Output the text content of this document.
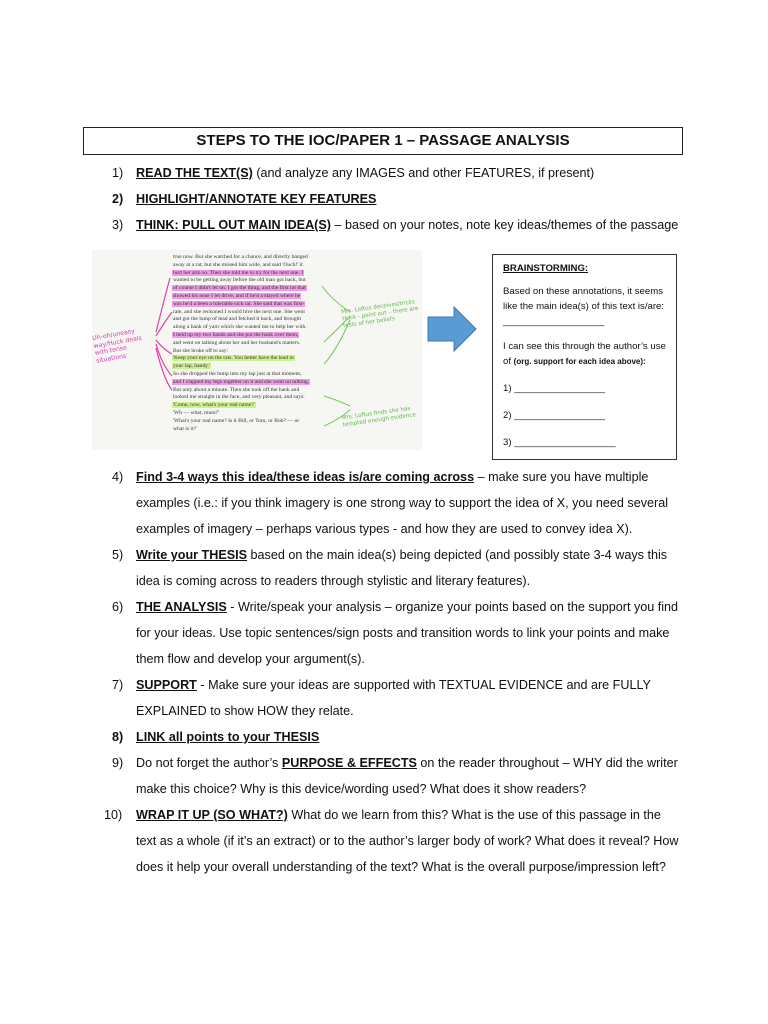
STEPS TO THE IOC/PAPER 1 – PASSAGE ANALYSIS
1)	READ THE TEXT(S) (and analyze any IMAGES and other FEATURES, if present)
2)	HIGHLIGHT/ANNOTATE KEY FEATURES
3)	THINK: PULL OUT MAIN IDEA(S) – based on your notes, note key ideas/themes of the passage
true now. But she watched for a chance, and directly banged
away at a rat; but she missed him wide, and said 'Ouch!' it
hurt her arm so. Then she told me to try for the next one. I
wanted to be getting away before the old man got back, but
of course I didn't let on. I got the thing, and the first rat that
showed his nose I let drive, and if he'd a stayed where he
was he'd a been a tolerable sick rat. She said that was first-
rate, and she reckoned I would hive the next one. She went
and got the lump of lead and fetched it back, and brought
along a hank of yarn which she wanted me to help her with.
I held up my two hands and she put the hank over them,
and went on talking about her and her husband's matters.
But she broke off to say:
'Keep your eye on the rats. You better have the lead in
your lap, handy.'
So she dropped the lump into my lap just at that moment,
and I clapped my legs together on it and she went on talking.
But only about a minute. Then she took off the hank and
looked me straight in the face, and very pleasant, and says:
'Come, now, what's your real name?'
'Wh — what, mum?'
'What's your real name? Is it Bill, or Tom, or Bob? — or
what is it?'
Uh-oh/uneasy way/Huck deals with tense situations
Mrs. Loftus deceives/tricks Huck - point out – there are tests of her beliefs
Mrs. Loftus finds she has tempted enough evidence
BRAINSTORMING:
Based on these annotations, it seems like the main idea(s) of this text is/are: ___________________
I can see this through the author’s use of (org. support for each idea above):
1) _________________
2) _________________
3) ___________________
4)	Find 3-4 ways this idea/these ideas is/are coming across – make sure you have multiple examples (i.e.: if you think imagery is one strong way to support the idea of X, you need several examples of imagery – perhaps various types - and how they are used to convey idea X).
5)	Write your THESIS based on the main idea(s) being depicted (and possibly state 3-4 ways this idea is coming across to readers through stylistic and literary features).
6)	THE ANALYSIS - Write/speak your analysis – organize your points based on the support you find for your ideas. Use topic sentences/sign posts and transition words to link your points and make them flow and develop your argument(s).
7)	SUPPORT - Make sure your ideas are supported with TEXTUAL EVIDENCE and are FULLY EXPLAINED to show HOW they relate.
8)	LINK all points to your THESIS
9)	Do not forget the author’s PURPOSE & EFFECTS on the reader throughout – WHY did the writer make this choice? Why is this device/wording used? What does it show readers?
10)	WRAP IT UP (SO WHAT?) What do we learn from this? What is the use of this passage in the text as a whole (if it’s an extract) or to the author’s larger body of work? What does it reveal? How does it help your overall understanding of the text? What is the overall purpose/impression left?
